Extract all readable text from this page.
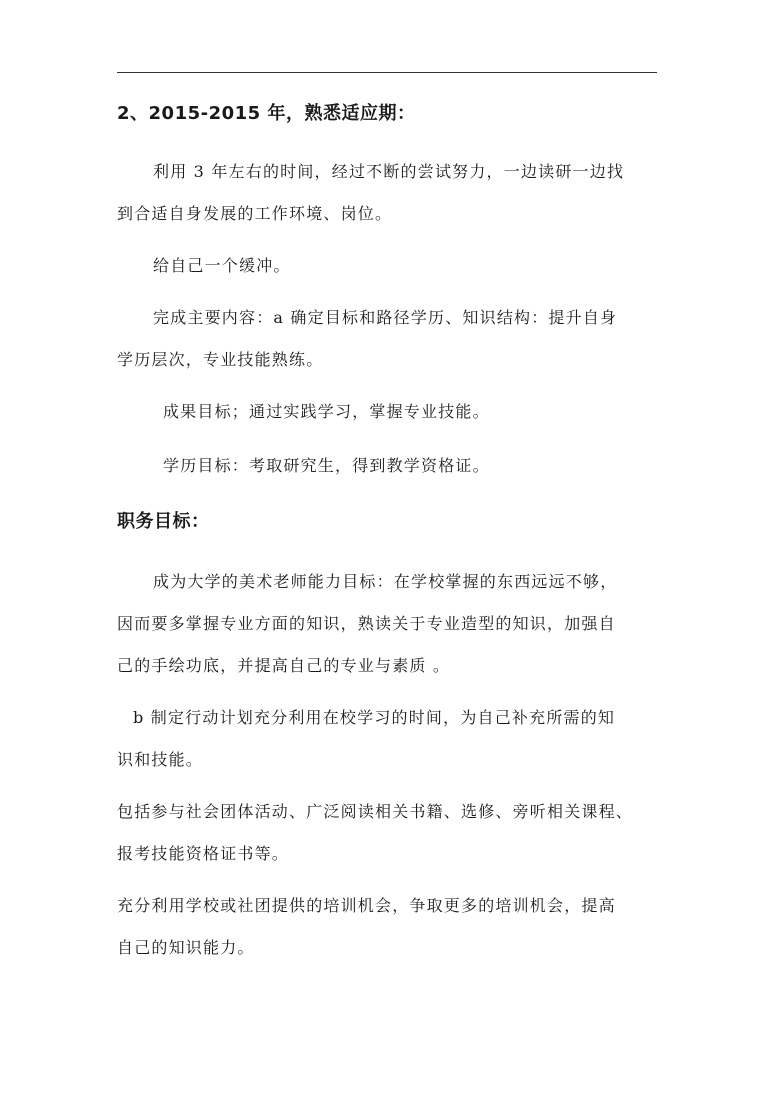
2、2015-2015 年，熟悉适应期：
利用 3 年左右的时间，经过不断的尝试努力，一边读研一边找
到合适自身发展的工作环境、岗位。
给自己一个缓冲。
完成主要内容：a 确定目标和路径学历、知识结构：提升自身
学历层次，专业技能熟练。
成果目标；通过实践学习，掌握专业技能。
学历目标：考取研究生，得到教学资格证。
职务目标：
成为大学的美术老师能力目标：在学校掌握的东西远远不够，
因而要多掌握专业方面的知识，熟读关于专业造型的知识，加强自
己的手绘功底，并提高自己的专业与素质 。
b 制定行动计划充分利用在校学习的时间，为自己补充所需的知
识和技能。
包括参与社会团体活动、广泛阅读相关书籍、选修、旁听相关课程、
报考技能资格证书等。
充分利用学校或社团提供的培训机会，争取更多的培训机会，提高
自己的知识能力。
